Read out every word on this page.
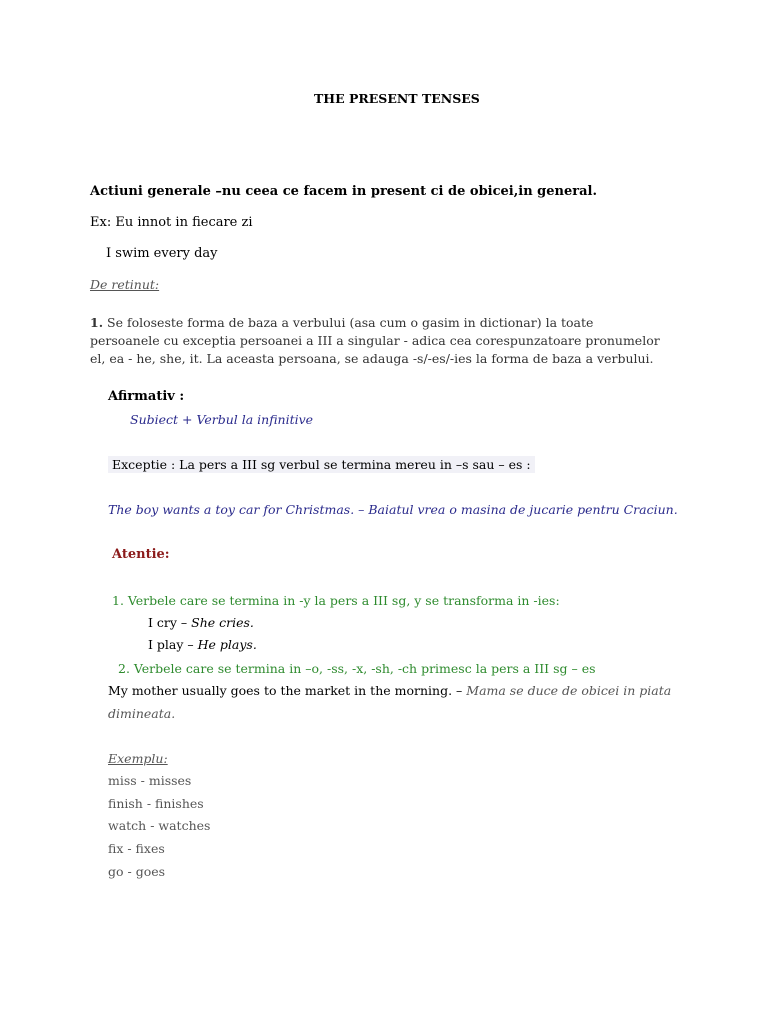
THE PRESENT TENSES
Actiuni generale –nu ceea ce facem in present ci de obicei,in general.
Ex: Eu innot in fiecare zi
I swim every day
De retinut:
1. Se foloseste forma de baza a verbului (asa cum o gasim in dictionar) la toate persoanele cu exceptia persoanei a III a singular - adica cea corespunzatoare pronumelor el, ea - he, she, it. La aceasta persoana, se adauga -s/-es/-ies la forma de baza a verbului.
Afirmativ :
Subiect + Verbul la infinitive
Exceptie : La pers a III sg verbul se termina mereu in –s sau – es :
The boy wants a toy car for Christmas. – Baiatul vrea o masina de jucarie pentru Craciun.
Atentie:
1. Verbele care se termina in -y la pers a III sg, y se transforma in -ies:
I cry – She cries.
I play – He plays.
2. Verbele care se termina in –o, -ss, -x, -sh, -ch primesc la pers a III sg – es
My mother usually goes to the market in the morning. – Mama se duce de obicei in piata
dimineata.
Exemplu:
miss - misses
finish - finishes
watch - watches
fix - fixes
go - goes
